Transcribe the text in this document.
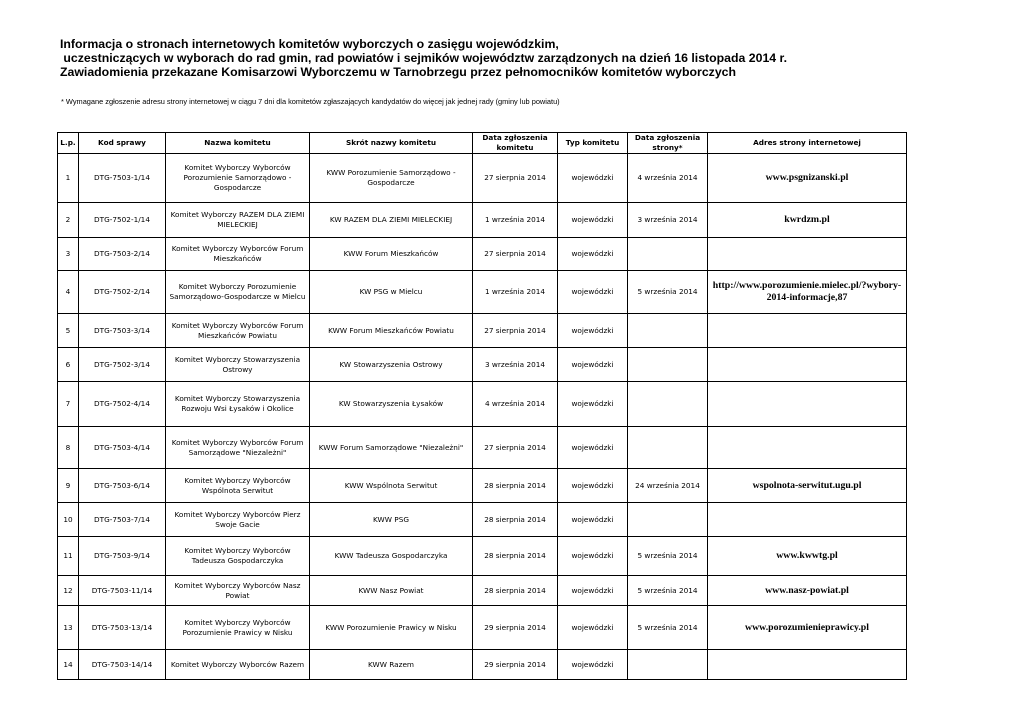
Informacja o stronach internetowych komitetów wyborczych o zasięgu wojewódzkim,
uczestniczących w wyborach do rad gmin, rad powiatów i sejmików województw zarządzonych na dzień 16 listopada 2014 r.
Zawiadomienia przekazane Komisarzowi Wyborczemu w Tarnobrzegu przez pełnomocników komitetów wyborczych
* Wymagane zgłoszenie adresu strony internetowej w ciągu 7 dni dla komitetów zgłaszających kandydatów do więcej jak jednej rady (gminy lub powiatu)
L.p.	Kod sprawy	Nazwa komitetu	Skrót nazwy komitetu	Data zgłoszenia komitetu	Typ komitetu	Data zgłoszenia strony*	Adres strony internetowej
1	DTG-7503-1/14	Komitet Wyborczy Wyborców Porozumienie Samorządowo - Gospodarcze	KWW Porozumienie Samorządowo - Gospodarcze	27 sierpnia 2014	wojewódzki	4 września 2014	www.psgnizanski.pl
2	DTG-7502-1/14	Komitet Wyborczy RAZEM DLA ZIEMI MIELECKIEJ	KW RAZEM DLA ZIEMI MIELECKIEJ	1 września 2014	wojewódzki	3 września 2014	kwrdzm.pl
3	DTG-7503-2/14	Komitet Wyborczy Wyborców Forum Mieszkańców	KWW Forum Mieszkańców	27 sierpnia 2014	wojewódzki		
4	DTG-7502-2/14	Komitet Wyborczy Porozumienie Samorządowo-Gospodarcze w Mielcu	KW PSG w Mielcu	1 września 2014	wojewódzki	5 września 2014	http://www.porozumienie.mielec.pl/?wybory-2014-informacje,87
5	DTG-7503-3/14	Komitet Wyborczy Wyborców Forum Mieszkańców Powiatu	KWW Forum Mieszkańców Powiatu	27 sierpnia 2014	wojewódzki		
6	DTG-7502-3/14	Komitet Wyborczy Stowarzyszenia Ostrowy	KW Stowarzyszenia Ostrowy	3 września 2014	wojewódzki		
7	DTG-7502-4/14	Komitet Wyborczy Stowarzyszenia Rozwoju Wsi Łysaków i Okolice	KW Stowarzyszenia Łysaków	4 września 2014	wojewódzki		
8	DTG-7503-4/14	Komitet Wyborczy Wyborców Forum Samorządowe "Niezależni"	KWW Forum Samorządowe "Niezależni"	27 sierpnia 2014	wojewódzki		
9	DTG-7503-6/14	Komitet Wyborczy Wyborców Wspólnota Serwitut	KWW Wspólnota Serwitut	28 sierpnia 2014	wojewódzki	24 września 2014	wspolnota-serwitut.ugu.pl
10	DTG-7503-7/14	Komitet Wyborczy Wyborców Pierz Swoje Gacie	KWW PSG	28 sierpnia 2014	wojewódzki		
11	DTG-7503-9/14	Komitet Wyborczy Wyborców Tadeusza Gospodarczyka	KWW Tadeusza Gospodarczyka	28 sierpnia 2014	wojewódzki	5 września 2014	www.kwwtg.pl
12	DTG-7503-11/14	Komitet Wyborczy Wyborców Nasz Powiat	KWW Nasz Powiat	28 sierpnia 2014	wojewódzki	5 września 2014	www.nasz-powiat.pl
13	DTG-7503-13/14	Komitet Wyborczy Wyborców Porozumienie Prawicy w Nisku	KWW Porozumienie Prawicy w Nisku	29 sierpnia 2014	wojewódzki	5 września 2014	www.porozumienieprawicy.pl
14	DTG-7503-14/14	Komitet Wyborczy Wyborców Razem	KWW Razem	29 sierpnia 2014	wojewódzki		
